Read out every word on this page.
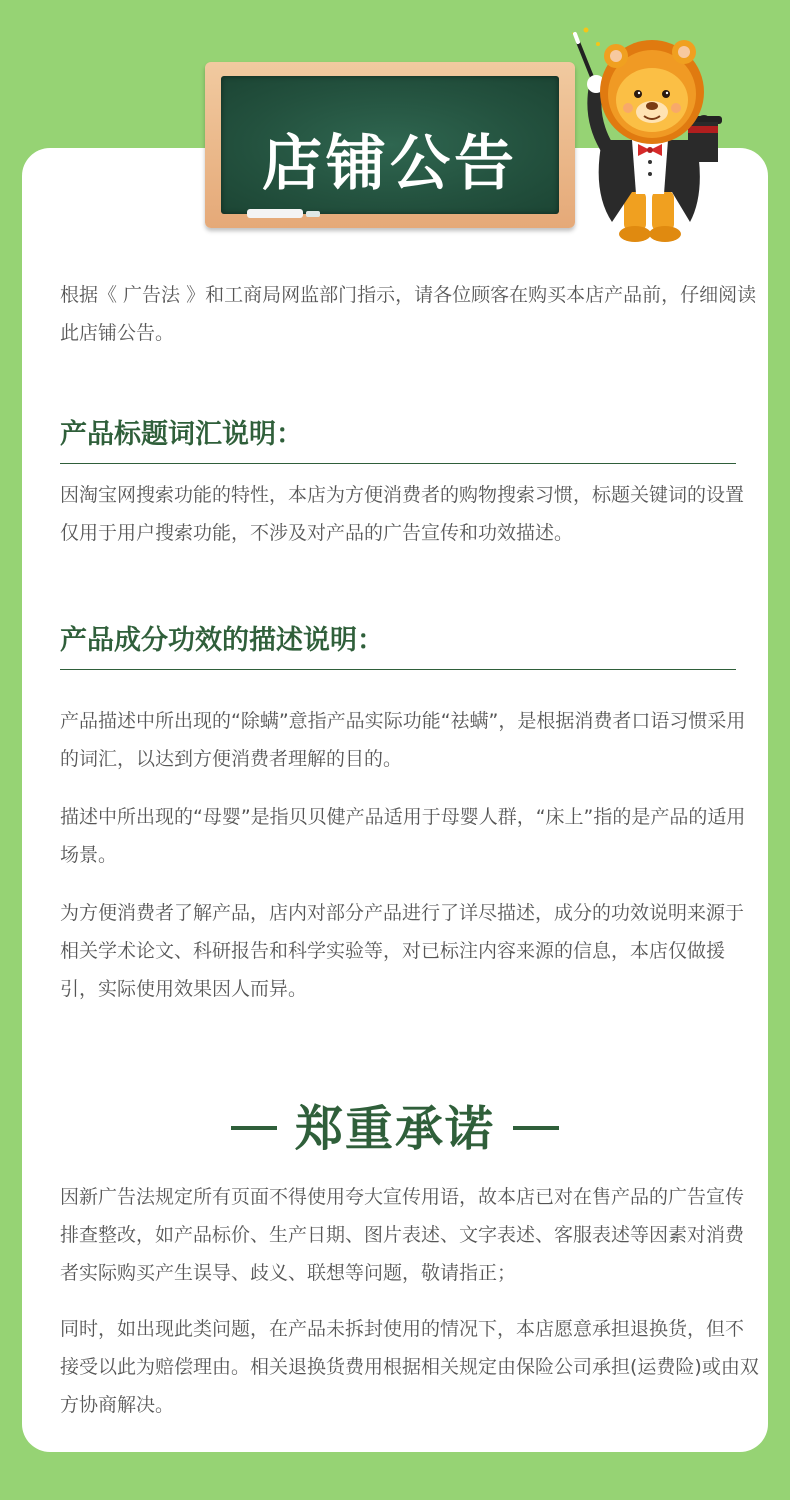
店铺公告
根据《 广告法 》和工商局网监部门指示，请各位顾客在购买本店产品前，仔细阅读此店铺公告。
产品标题词汇说明：
因淘宝网搜索功能的特性，本店为方便消费者的购物搜索习惯，标题关键词的设置仅用于用户搜索功能，不涉及对产品的广告宣传和功效描述。
产品成分功效的描述说明：
产品描述中所出现的“除螨”意指产品实际功能“祛螨”，是根据消费者口语习惯采用的词汇，以达到方便消费者理解的目的。
描述中所出现的“母婴”是指贝贝健产品适用于母婴人群，“床上”指的是产品的适用场景。
为方便消费者了解产品，店内对部分产品进行了详尽描述，成分的功效说明来源于相关学术论文、科研报告和科学实验等，对已标注内容来源的信息，本店仅做援引，实际使用效果因人而异。
郑重承诺
因新广告法规定所有页面不得使用夸大宣传用语，故本店已对在售产品的广告宣传排查整改，如产品标价、生产日期、图片表述、文字表述、客服表述等因素对消费者实际购买产生误导、歧义、联想等问题，敬请指正；
同时，如出现此类问题，在产品未拆封使用的情况下，本店愿意承担退换货，但不接受以此为赔偿理由。相关退换货费用根据相关规定由保险公司承担(运费险)或由双方协商解决。
